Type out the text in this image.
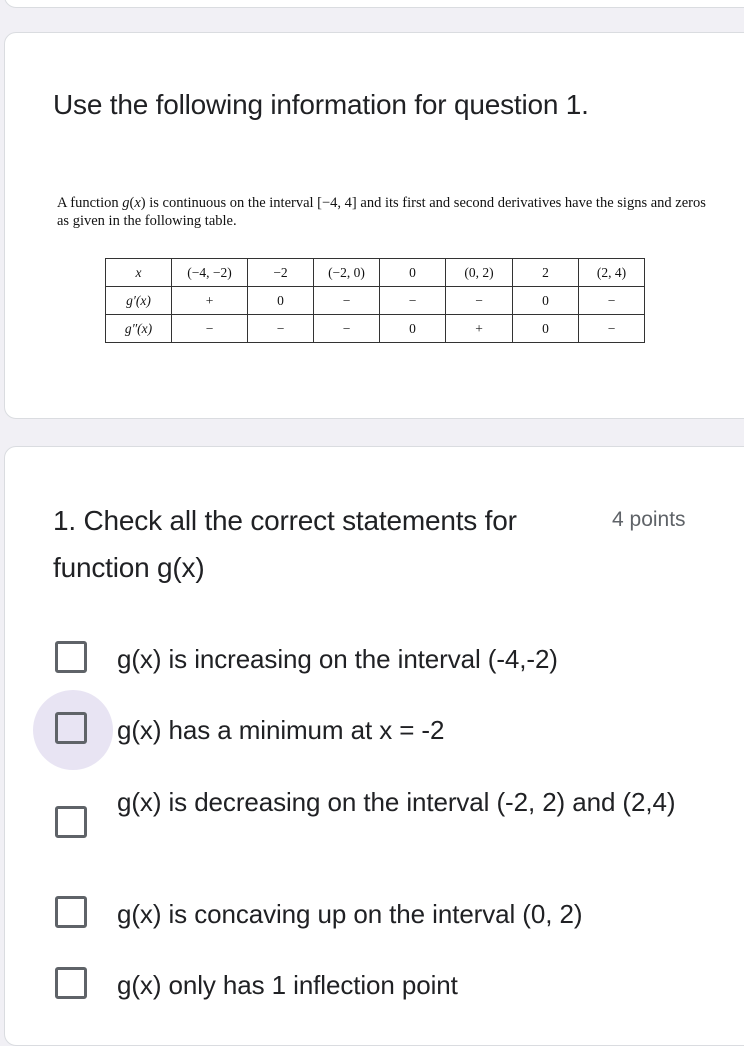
Use the following information for question 1.
A function g(x) is continuous on the interval [−4, 4] and its first and second derivatives have the signs and zeros as given in the following table.
x	(−4, −2)	−2	(−2, 0)	0	(0, 2)	2	(2, 4)
g′(x)	+	0	−	−	−	0	−
g″(x)	−	−	−	0	+	0	−
1. Check all the correct statements for function g(x)
4 points
g(x) is increasing on the interval (-4,-2)
g(x) has a minimum at x = -2
g(x) is decreasing on the interval (-2, 2) and (2,4)
g(x) is concaving up on the interval (0, 2)
g(x) only has 1 inflection point
